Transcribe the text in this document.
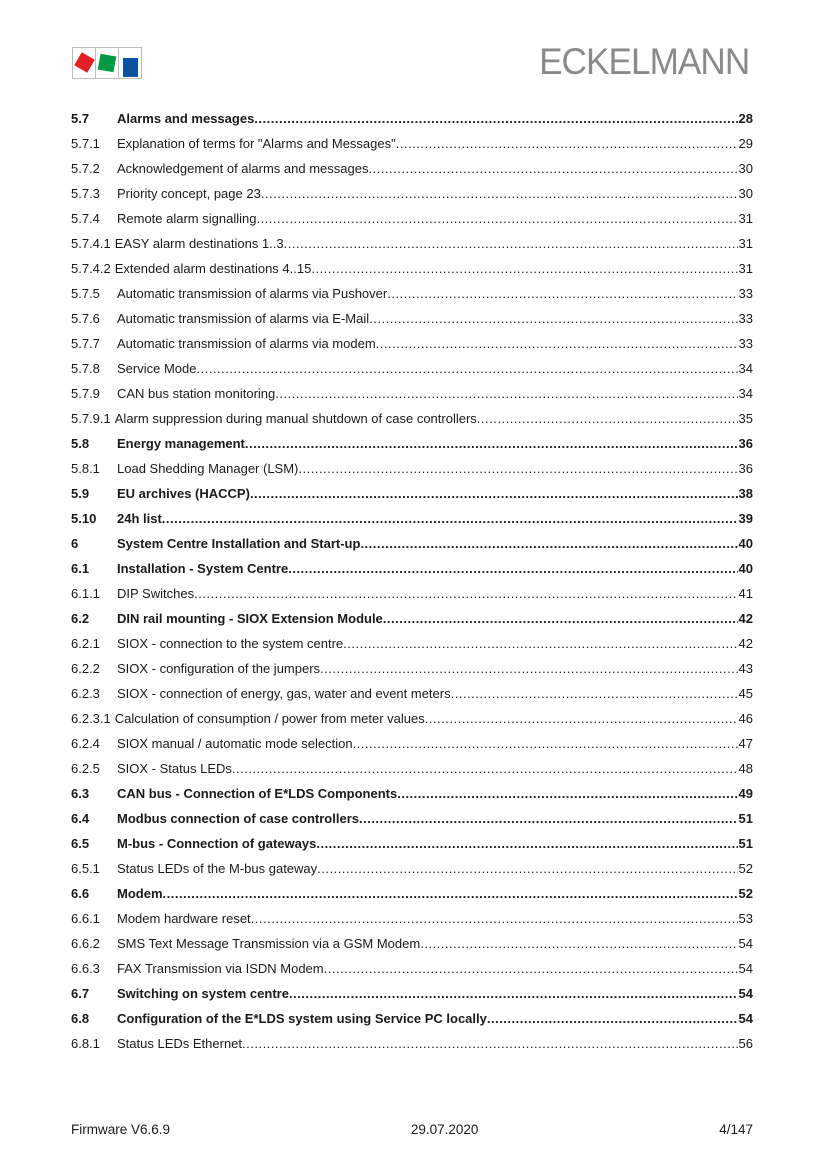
ECKELMANN
5.7	Alarms and messages .....	28
5.7.1	Explanation of terms for "Alarms and Messages" .....	29
5.7.2	Acknowledgement of alarms and messages .....	30
5.7.3	Priority concept, page 23 .....	30
5.7.4	Remote alarm signalling .....	31
5.7.4.1 EASY alarm destinations 1..3 .....	31
5.7.4.2 Extended alarm destinations 4..15 .....	31
5.7.5	Automatic transmission of alarms via Pushover .....	33
5.7.6	Automatic transmission of alarms via E-Mail .....	33
5.7.7	Automatic transmission of alarms via modem .....	33
5.7.8	Service Mode .....	34
5.7.9	CAN bus station monitoring .....	34
5.7.9.1 Alarm suppression during manual shutdown of case controllers .....	35
5.8	Energy management .....	36
5.8.1	Load Shedding Manager (LSM) .....	36
5.9	EU archives (HACCP) .....	38
5.10	24h list .....	39
6	System Centre Installation and Start-up .....	40
6.1	Installation - System Centre .....	40
6.1.1	DIP Switches .....	41
6.2	DIN rail mounting - SIOX Extension Module .....	42
6.2.1	SIOX - connection to the system centre .....	42
6.2.2	SIOX - configuration of the jumpers .....	43
6.2.3	SIOX - connection of energy, gas, water and event meters .....	45
6.2.3.1 Calculation of consumption / power from meter values .....	46
6.2.4	SIOX manual / automatic mode selection .....	47
6.2.5	SIOX - Status LEDs .....	48
6.3	CAN bus - Connection of E*LDS Components .....	49
6.4	Modbus connection of case controllers .....	51
6.5	M-bus - Connection of gateways .....	51
6.5.1	Status LEDs of the M-bus gateway .....	52
6.6	Modem .....	52
6.6.1	Modem hardware reset .....	53
6.6.2	SMS Text Message Transmission via a GSM Modem .....	54
6.6.3	FAX Transmission via ISDN Modem .....	54
6.7	Switching on system centre .....	54
6.8	Configuration of the E*LDS system using Service PC locally .....	54
6.8.1	Status LEDs Ethernet .....	56
Firmware V6.6.9	29.07.2020	4/147
